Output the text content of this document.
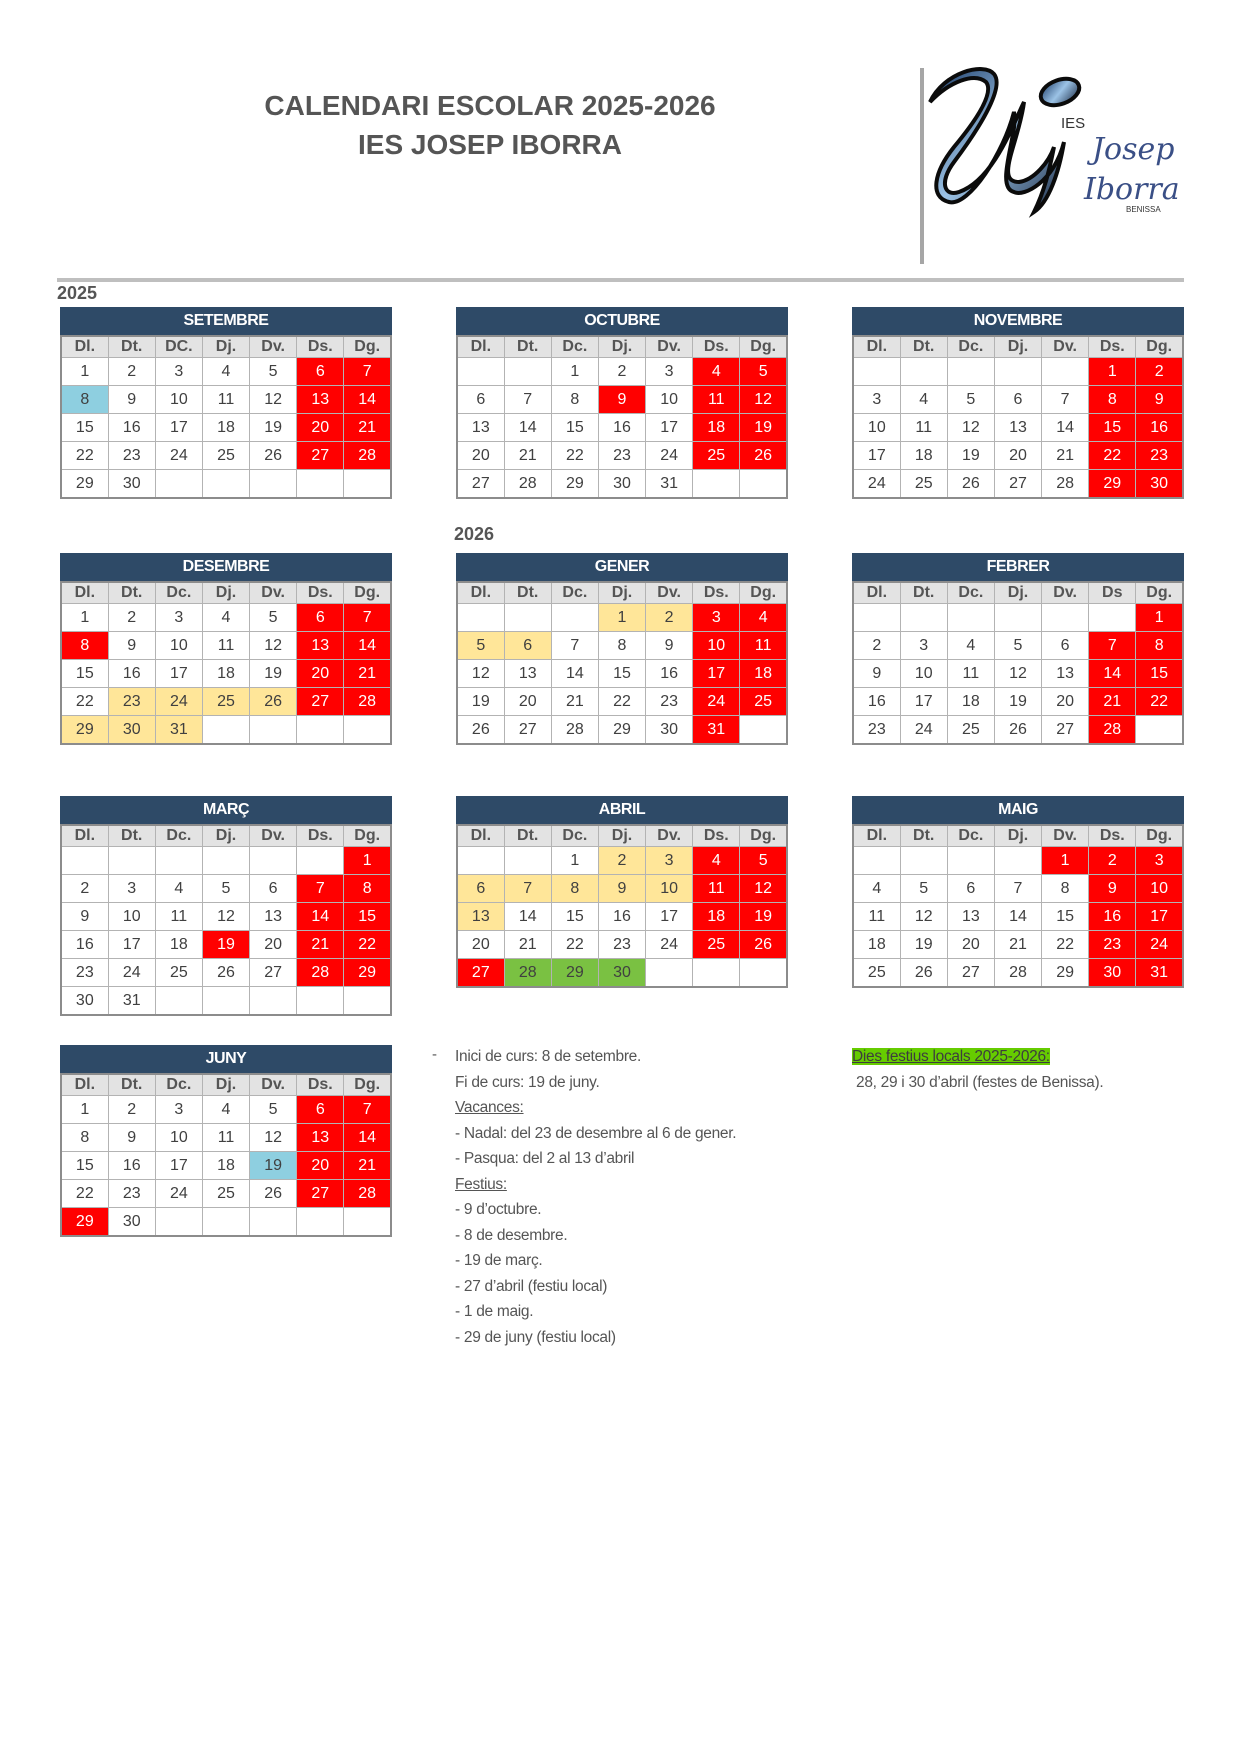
CALENDARI ESCOLAR 2025-2026
IES JOSEP IBORRA
IES
Josep
Iborra
BENISSA
2025
2026
SETEMBRE
Dl.	Dt.	DC.	Dj.	Dv.	Ds.	Dg.
1	2	3	4	5	6	7
8	9	10	11	12	13	14
15	16	17	18	19	20	21
22	23	24	25	26	27	28
29	30					
OCTUBRE
Dl.	Dt.	Dc.	Dj.	Dv.	Ds.	Dg.
		1	2	3	4	5
6	7	8	9	10	11	12
13	14	15	16	17	18	19
20	21	22	23	24	25	26
27	28	29	30	31		
NOVEMBRE
Dl.	Dt.	Dc.	Dj.	Dv.	Ds.	Dg.
					1	2
3	4	5	6	7	8	9
10	11	12	13	14	15	16
17	18	19	20	21	22	23
24	25	26	27	28	29	30
DESEMBRE
Dl.	Dt.	Dc.	Dj.	Dv.	Ds.	Dg.
1	2	3	4	5	6	7
8	9	10	11	12	13	14
15	16	17	18	19	20	21
22	23	24	25	26	27	28
29	30	31				
GENER
Dl.	Dt.	Dc.	Dj.	Dv.	Ds.	Dg.
			1	2	3	4
5	6	7	8	9	10	11
12	13	14	15	16	17	18
19	20	21	22	23	24	25
26	27	28	29	30	31	
FEBRER
Dl.	Dt.	Dc.	Dj.	Dv.	Ds	Dg.
						1
2	3	4	5	6	7	8
9	10	11	12	13	14	15
16	17	18	19	20	21	22
23	24	25	26	27	28	
MARÇ
Dl.	Dt.	Dc.	Dj.	Dv.	Ds.	Dg.
						1
2	3	4	5	6	7	8
9	10	11	12	13	14	15
16	17	18	19	20	21	22
23	24	25	26	27	28	29
30	31					
ABRIL
Dl.	Dt.	Dc.	Dj.	Dv.	Ds.	Dg.
		1	2	3	4	5
6	7	8	9	10	11	12
13	14	15	16	17	18	19
20	21	22	23	24	25	26
27	28	29	30			
MAIG
Dl.	Dt.	Dc.	Dj.	Dv.	Ds.	Dg.
				1	2	3
4	5	6	7	8	9	10
11	12	13	14	15	16	17
18	19	20	21	22	23	24
25	26	27	28	29	30	31
JUNY
Dl.	Dt.	Dc.	Dj.	Dv.	Ds.	Dg.
1	2	3	4	5	6	7
8	9	10	11	12	13	14
15	16	17	18	19	20	21
22	23	24	25	26	27	28
29	30					
- Inici de curs: 8 de setembre.
Fi de curs: 19 de juny.
Vacances:
- Nadal: del 23 de desembre al 6 de gener.
- Pasqua: del 2 al 13 d’abril
Festius:
- 9 d’octubre.
- 8 de desembre.
- 19 de març.
- 27 d’abril (festiu local)
- 1 de maig.
- 29 de juny (festiu local)
Dies festius locals 2025-2026:
28, 29 i 30 d’abril (festes de Benissa).
